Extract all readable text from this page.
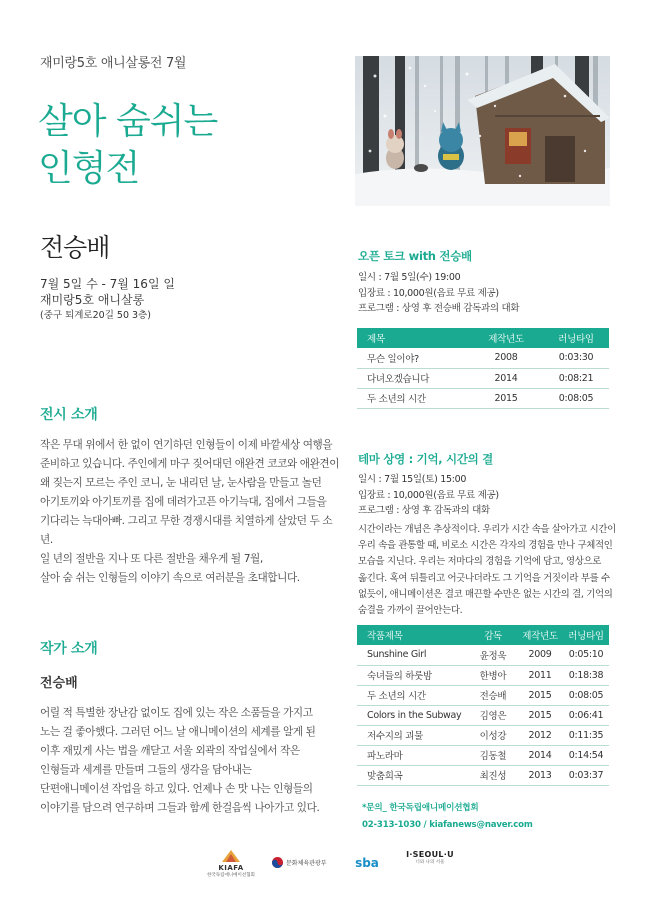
재미랑5호 애니살롱전 7월
살아 숨쉬는
인형전
전승배
7월 5일 수 - 7월 16일 일
재미랑5호 애니살롱
(중구 퇴계로20길 50 3층)
전시 소개
작은 무대 위에서 한 없이 연기하던 인형들이 이제 바깥세상 여행을
준비하고 있습니다. 주인에게 마구 짖어대던 애완견 코코와 애완견이
왜 짖는지 모르는 주인 코니, 눈 내리던 날, 눈사람을 만들고 놀던
아기토끼와 아기토끼를 집에 데려가고픈 아기늑대, 집에서 그들을
기다리는 늑대아빠. 그리고 무한 경쟁시대를 치열하게 살았던 두 소년.
일 년의 절반을 지나 또 다른 절반을 채우게 될 7월,
살아 숨 쉬는 인형들의 이야기 속으로 여러분을 초대합니다.
작가 소개
전승배
어릴 적 특별한 장난감 없이도 집에 있는 작은 소품들을 가지고
노는 걸 좋아했다. 그러던 어느 날 애니메이션의 세계를 알게 된
이후 재밌게 사는 법을 깨닫고 서울 외곽의 작업실에서 작은
인형들과 세계를 만들며 그들의 생각을 담아내는
단편애니메이션 작업을 하고 있다. 언제나 손 맛 나는 인형들의
이야기를 담으려 연구하며 그들과 함께 한걸음씩 나아가고 있다.
오픈 토크 with 전승배
일시 : 7월 5일(수) 19:00
입장료 : 10,000원(음료 무료 제공)
프로그램 : 상영 후 전승배 감독과의 대화
제목	제작년도	러닝타임
무슨 일이야?	2008	0:03:30
다녀오겠습니다	2014	0:08:21
두 소년의 시간	2015	0:08:05
테마 상영 : 기억, 시간의 결
일시 : 7월 15일(토) 15:00
입장료 : 10,000원(음료 무료 제공)
프로그램 : 상영 후 감독과의 대화
시간이라는 개념은 추상적이다. 우리가 시간 속을 살아가고 시간이
우리 속을 관통할 때, 비로소 시간은 각자의 경험을 만나 구체적인
모습을 지닌다. 우리는 저마다의 경험을 기억에 담고, 영상으로
옮긴다. 혹여 뒤틀리고 어긋나더라도 그 기억을 거짓이라 부를 수
없듯이, 애니메이션은 결코 매끈할 수만은 없는 시간의 결, 기억의
숨결을 가까이 끌어안는다.
작품제목	감독	제작년도	러닝타임
Sunshine Girl	윤정욱	2009	0:05:10
숙녀들의 하룻밤	한병아	2011	0:18:38
두 소년의 시간	전승배	2015	0:08:05
Colors in the Subway	김영은	2015	0:06:41
저수지의 괴물	이성강	2012	0:11:35
파노라마	김동철	2014	0:14:54
맞춤희곡	최진성	2013	0:03:37
*문의_ 한국독립애니메이션협회
02-313-1030 / kiafanews@naver.com
KIAFA
한국독립애니메이션협회
문화체육관광부 sba
I·SEOUL·U
너와 나의 서울
